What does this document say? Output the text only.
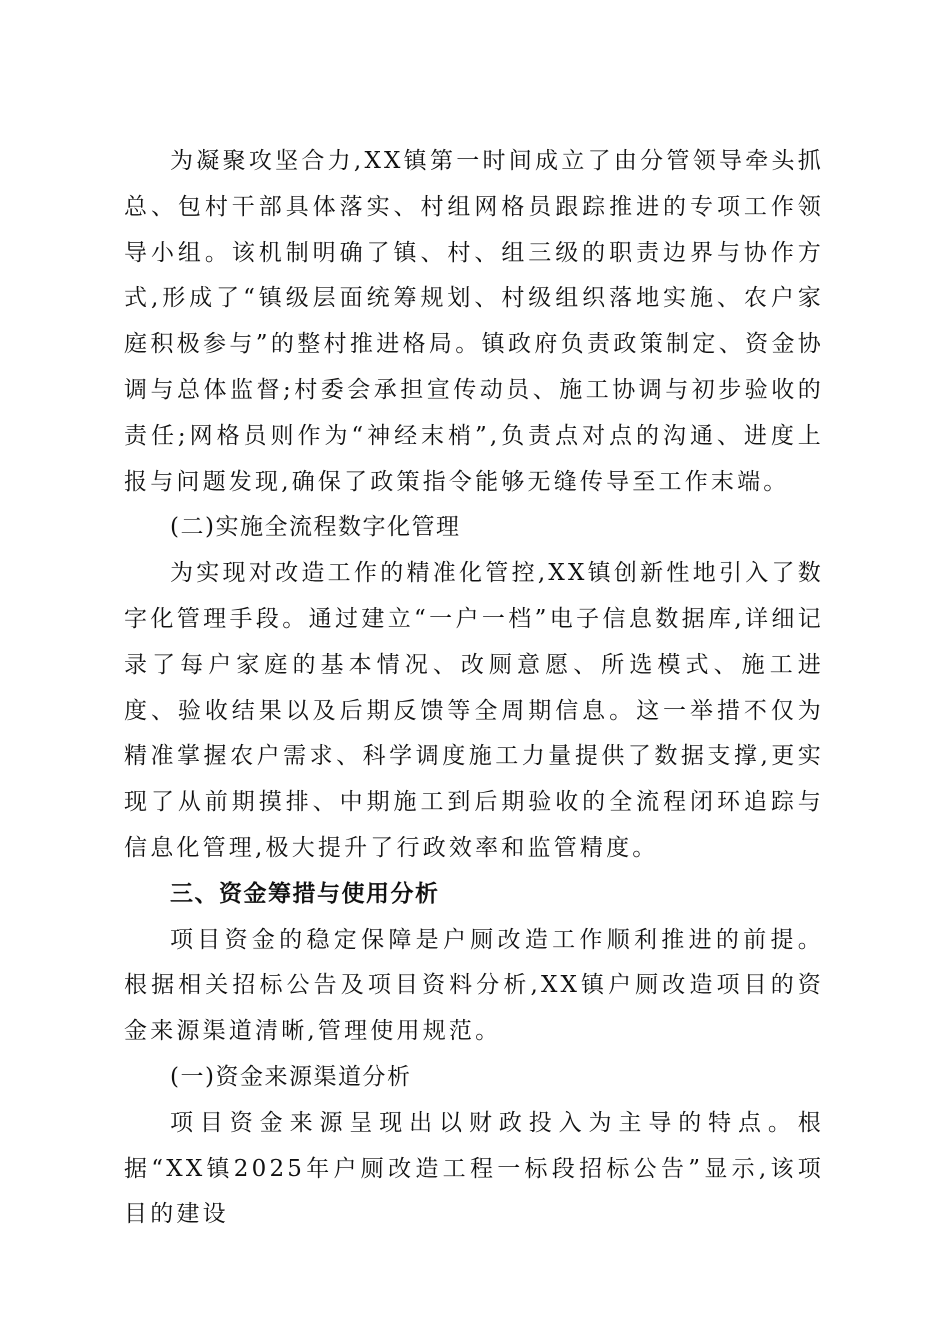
为凝聚攻坚合力,XX镇第一时间成立了由分管领导牵头抓总、包村干部具体落实、村组网格员跟踪推进的专项工作领导小组。该机制明确了镇、村、组三级的职责边界与协作方式,形成了“镇级层面统筹规划、村级组织落地实施、农户家庭积极参与”的整村推进格局。镇政府负责政策制定、资金协调与总体监督;村委会承担宣传动员、施工协调与初步验收的责任;网格员则作为“神经末梢”,负责点对点的沟通、进度上报与问题发现,确保了政策指令能够无缝传导至工作末端。

(二)实施全流程数字化管理

为实现对改造工作的精准化管控,XX镇创新性地引入了数字化管理手段。通过建立“一户一档”电子信息数据库,详细记录了每户家庭的基本情况、改厕意愿、所选模式、施工进度、验收结果以及后期反馈等全周期信息。这一举措不仅为精准掌握农户需求、科学调度施工力量提供了数据支撑,更实现了从前期摸排、中期施工到后期验收的全流程闭环追踪与信息化管理,极大提升了行政效率和监管精度。

三、资金筹措与使用分析

项目资金的稳定保障是户厕改造工作顺利推进的前提。根据相关招标公告及项目资料分析,XX镇户厕改造项目的资金来源渠道清晰,管理使用规范。

(一)资金来源渠道分析

项目资金来源呈现出以财政投入为主导的特点。根据“XX镇2025年户厕改造工程一标段招标公告”显示,该项目的建设
